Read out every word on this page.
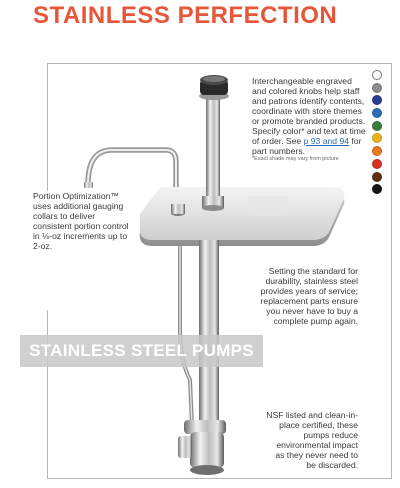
STAINLESS PERFECTION
Interchangeable engraved and colored knobs help staff and patrons identify contents, coordinate with store themes or promote branded products. Specify color* and text at time of order. See p 93 and 94 for part numbers.
*Exact shade may vary from picture
Portion Optimization™ uses additional gauging collars to deliver consistent portion control in ⅛-oz increments up to 2-oz.
Setting the standard for durability, stainless steel provides years of service; replacement parts ensure you never have to buy a complete pump again.
STAINLESS STEEL PUMPS
NSF listed and clean-in-place certified, these pumps reduce environmental impact as they never need to be discarded.
